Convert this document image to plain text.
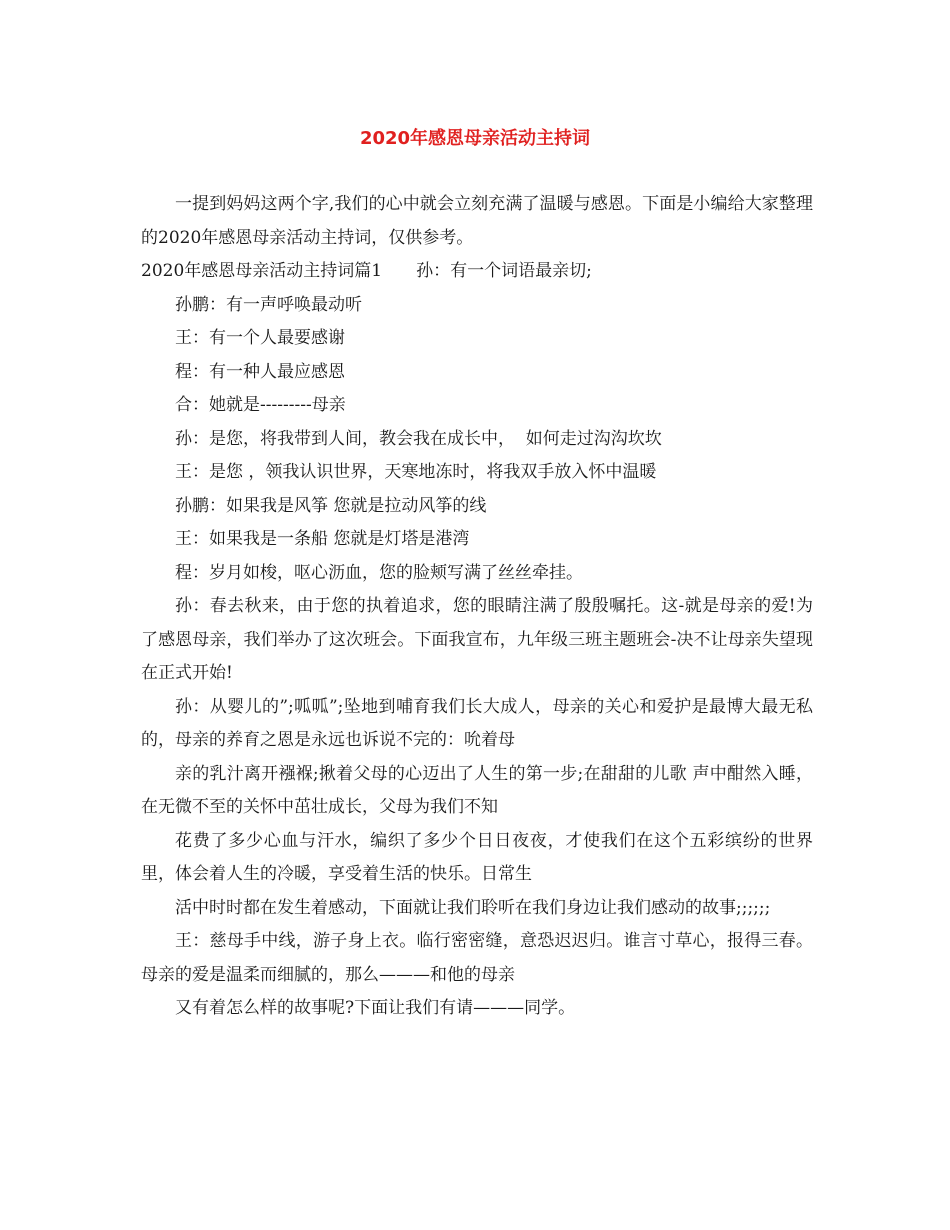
2020年感恩母亲活动主持词

一提到妈妈这两个字,我们的心中就会立刻充满了温暖与感恩。下面是小编给大家整理的2020年感恩母亲活动主持词，仅供参考。

2020年感恩母亲活动主持词篇1 孙：有一个词语最亲切;

孙鹏：有一声呼唤最动听

王：有一个人最要感谢

程：有一种人最应感恩

合：她就是---------母亲

孙：是您，将我带到人间，教会我在成长中，  如何走过沟沟坎坎

王：是您 ，领我认识世界，天寒地冻时，将我双手放入怀中温暖

孙鹏：如果我是风筝 您就是拉动风筝的线

王：如果我是一条船 您就是灯塔是港湾

程：岁月如梭，呕心沥血，您的脸颊写满了丝丝牵挂。

孙：春去秋来，由于您的执着追求，您的眼睛注满了殷殷嘱托。这-就是母亲的爱!为了感恩母亲，我们举办了这次班会。下面我宣布，九年级三班主题班会-决不让母亲失望现在正式开始!

孙：从婴儿的”;呱呱”;坠地到哺育我们长大成人，母亲的关心和爱护是最博大最无私的，母亲的养育之恩是永远也诉说不完的：吮着母

亲的乳汁离开襁褓;揪着父母的心迈出了人生的第一步;在甜甜的儿歌 声中酣然入睡，在无微不至的关怀中茁壮成长，父母为我们不知

花费了多少心血与汗水，编织了多少个日日夜夜，才使我们在这个五彩缤纷的世界里，体会着人生的冷暖，享受着生活的快乐。日常生

活中时时都在发生着感动，下面就让我们聆听在我们身边让我们感动的故事;;;;;;

王：慈母手中线，游子身上衣。临行密密缝，意恐迟迟归。谁言寸草心，报得三春。母亲的爱是温柔而细腻的，那么———和他的母亲

又有着怎么样的故事呢?下面让我们有请———同学。
